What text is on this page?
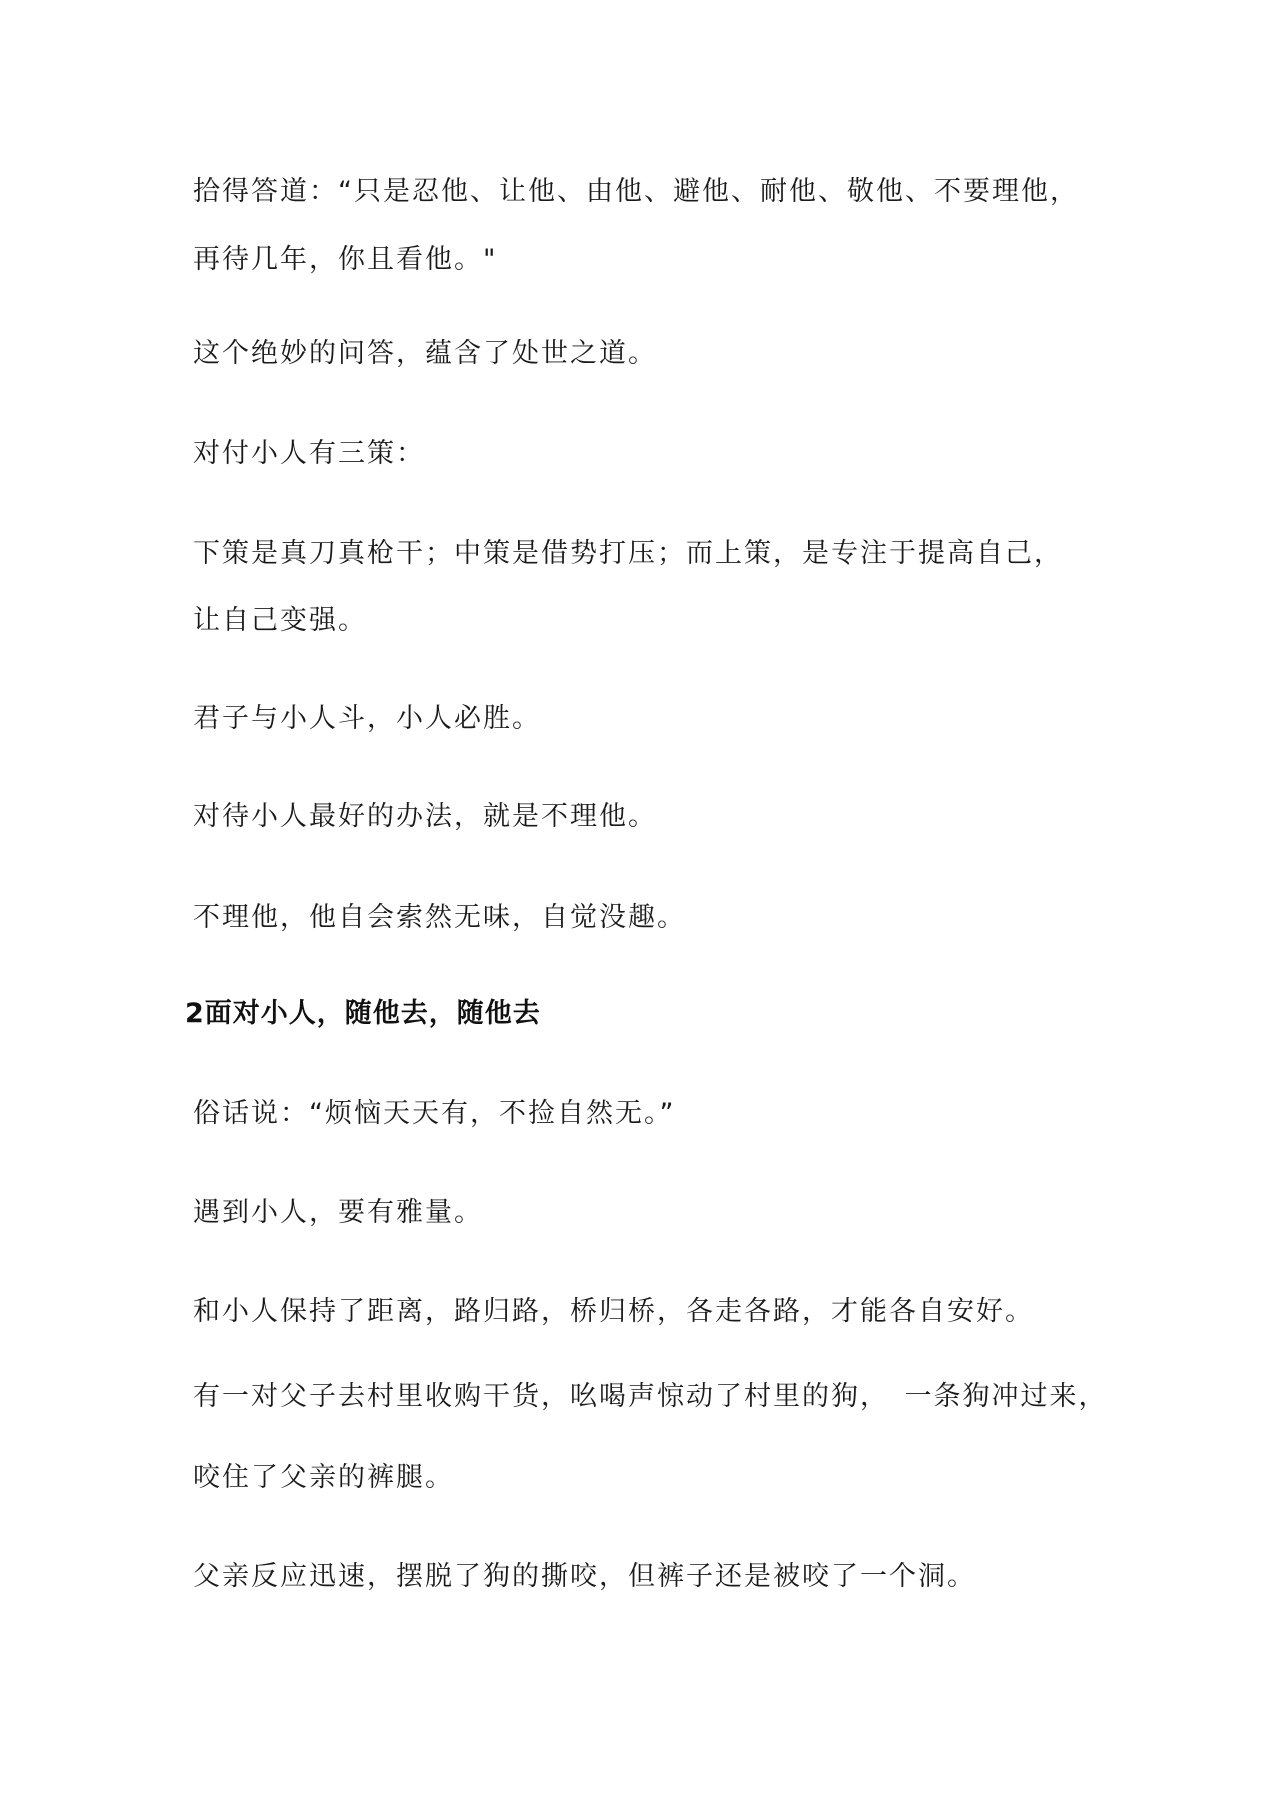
拾得答道：“只是忍他、让他、由他、避他、耐他、敬他、不要理他，

再待几年，你且看他。"

这个绝妙的问答，蕴含了处世之道。

对付小人有三策：

下策是真刀真枪干；中策是借势打压；而上策，是专注于提高自己，

让自己变强。

君子与小人斗，小人必胜。

对待小人最好的办法，就是不理他。

不理他，他自会索然无味，自觉没趣。

2面对小人，随他去，随他去

俗话说：“烦恼天天有，不捡自然无。”

遇到小人，要有雅量。

和小人保持了距离，路归路，桥归桥，各走各路，才能各自安好。

有一对父子去村里收购干货，吆喝声惊动了村里的狗，　一条狗冲过来，

咬住了父亲的裤腿。

父亲反应迅速，摆脱了狗的撕咬，但裤子还是被咬了一个洞。
